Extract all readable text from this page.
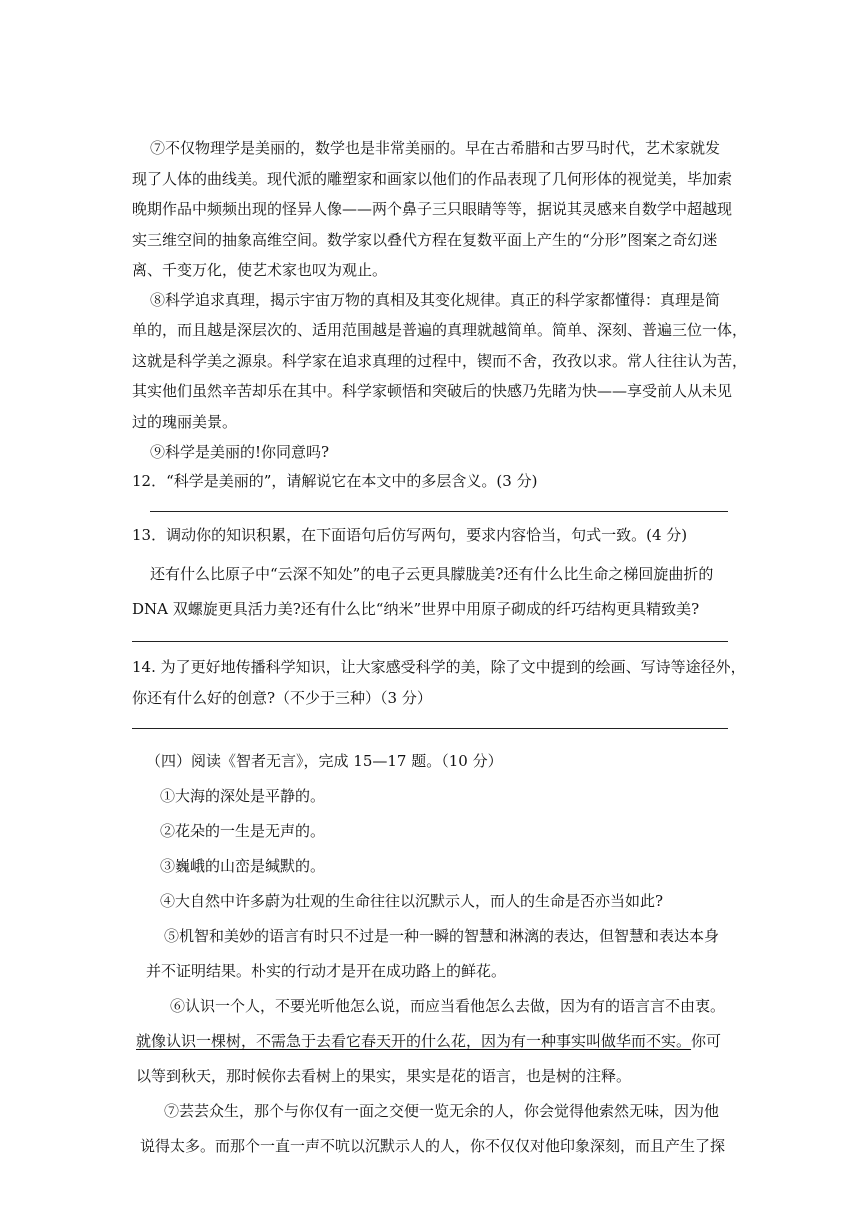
⑦不仅物理学是美丽的，数学也是非常美丽的。早在古希腊和古罗马时代，艺术家就发
现了人体的曲线美。现代派的雕塑家和画家以他们的作品表现了几何形体的视觉美，毕加索
晚期作品中频频出现的怪异人像——两个鼻子三只眼睛等等，据说其灵感来自数学中超越现
实三维空间的抽象高维空间。数学家以叠代方程在复数平面上产生的“分形”图案之奇幻迷
离、千变万化，使艺术家也叹为观止。
⑧科学追求真理，揭示宇宙万物的真相及其变化规律。真正的科学家都懂得：真理是简
单的，而且越是深层次的、适用范围越是普遍的真理就越简单。简单、深刻、普遍三位一体，
这就是科学美之源泉。科学家在追求真理的过程中，锲而不舍，孜孜以求。常人往往认为苦，
其实他们虽然辛苦却乐在其中。科学家顿悟和突破后的快感乃先睹为快——享受前人从未见
过的瑰丽美景。
⑨科学是美丽的!你同意吗?
12．“科学是美丽的”，请解说它在本文中的多层含义。(3 分)
13．调动你的知识积累，在下面语句后仿写两句，要求内容恰当，句式一致。(4 分)
还有什么比原子中“云深不知处”的电子云更具朦胧美?还有什么比生命之梯回旋曲折的
DNA 双螺旋更具活力美?还有什么比“纳米”世界中用原子砌成的纤巧结构更具精致美?
14. 为了更好地传播科学知识，让大家感受科学的美，除了文中提到的绘画、写诗等途径外，
你还有什么好的创意?（不少于三种）（3 分）
（四）阅读《智者无言》，完成 15—17 题。（10 分）
①大海的深处是平静的。
②花朵的一生是无声的。
③巍峨的山峦是缄默的。
④大自然中许多蔚为壮观的生命往往以沉默示人，而人的生命是否亦当如此?
⑤机智和美妙的语言有时只不过是一种一瞬的智慧和淋漓的表达，但智慧和表达本身
并不证明结果。朴实的行动才是开在成功路上的鲜花。
⑥认识一个人，不要光听他怎么说，而应当看他怎么去做，因为有的语言言不由衷。
就像认识一棵树，不需急于去看它春天开的什么花，因为有一种事实叫做华而不实。你可
以等到秋天，那时候你去看树上的果实，果实是花的语言，也是树的注释。
⑦芸芸众生，那个与你仅有一面之交便一览无余的人，你会觉得他索然无味，因为他
说得太多。而那个一直一声不吭以沉默示人的人，你不仅仅对他印象深刻，而且产生了探
